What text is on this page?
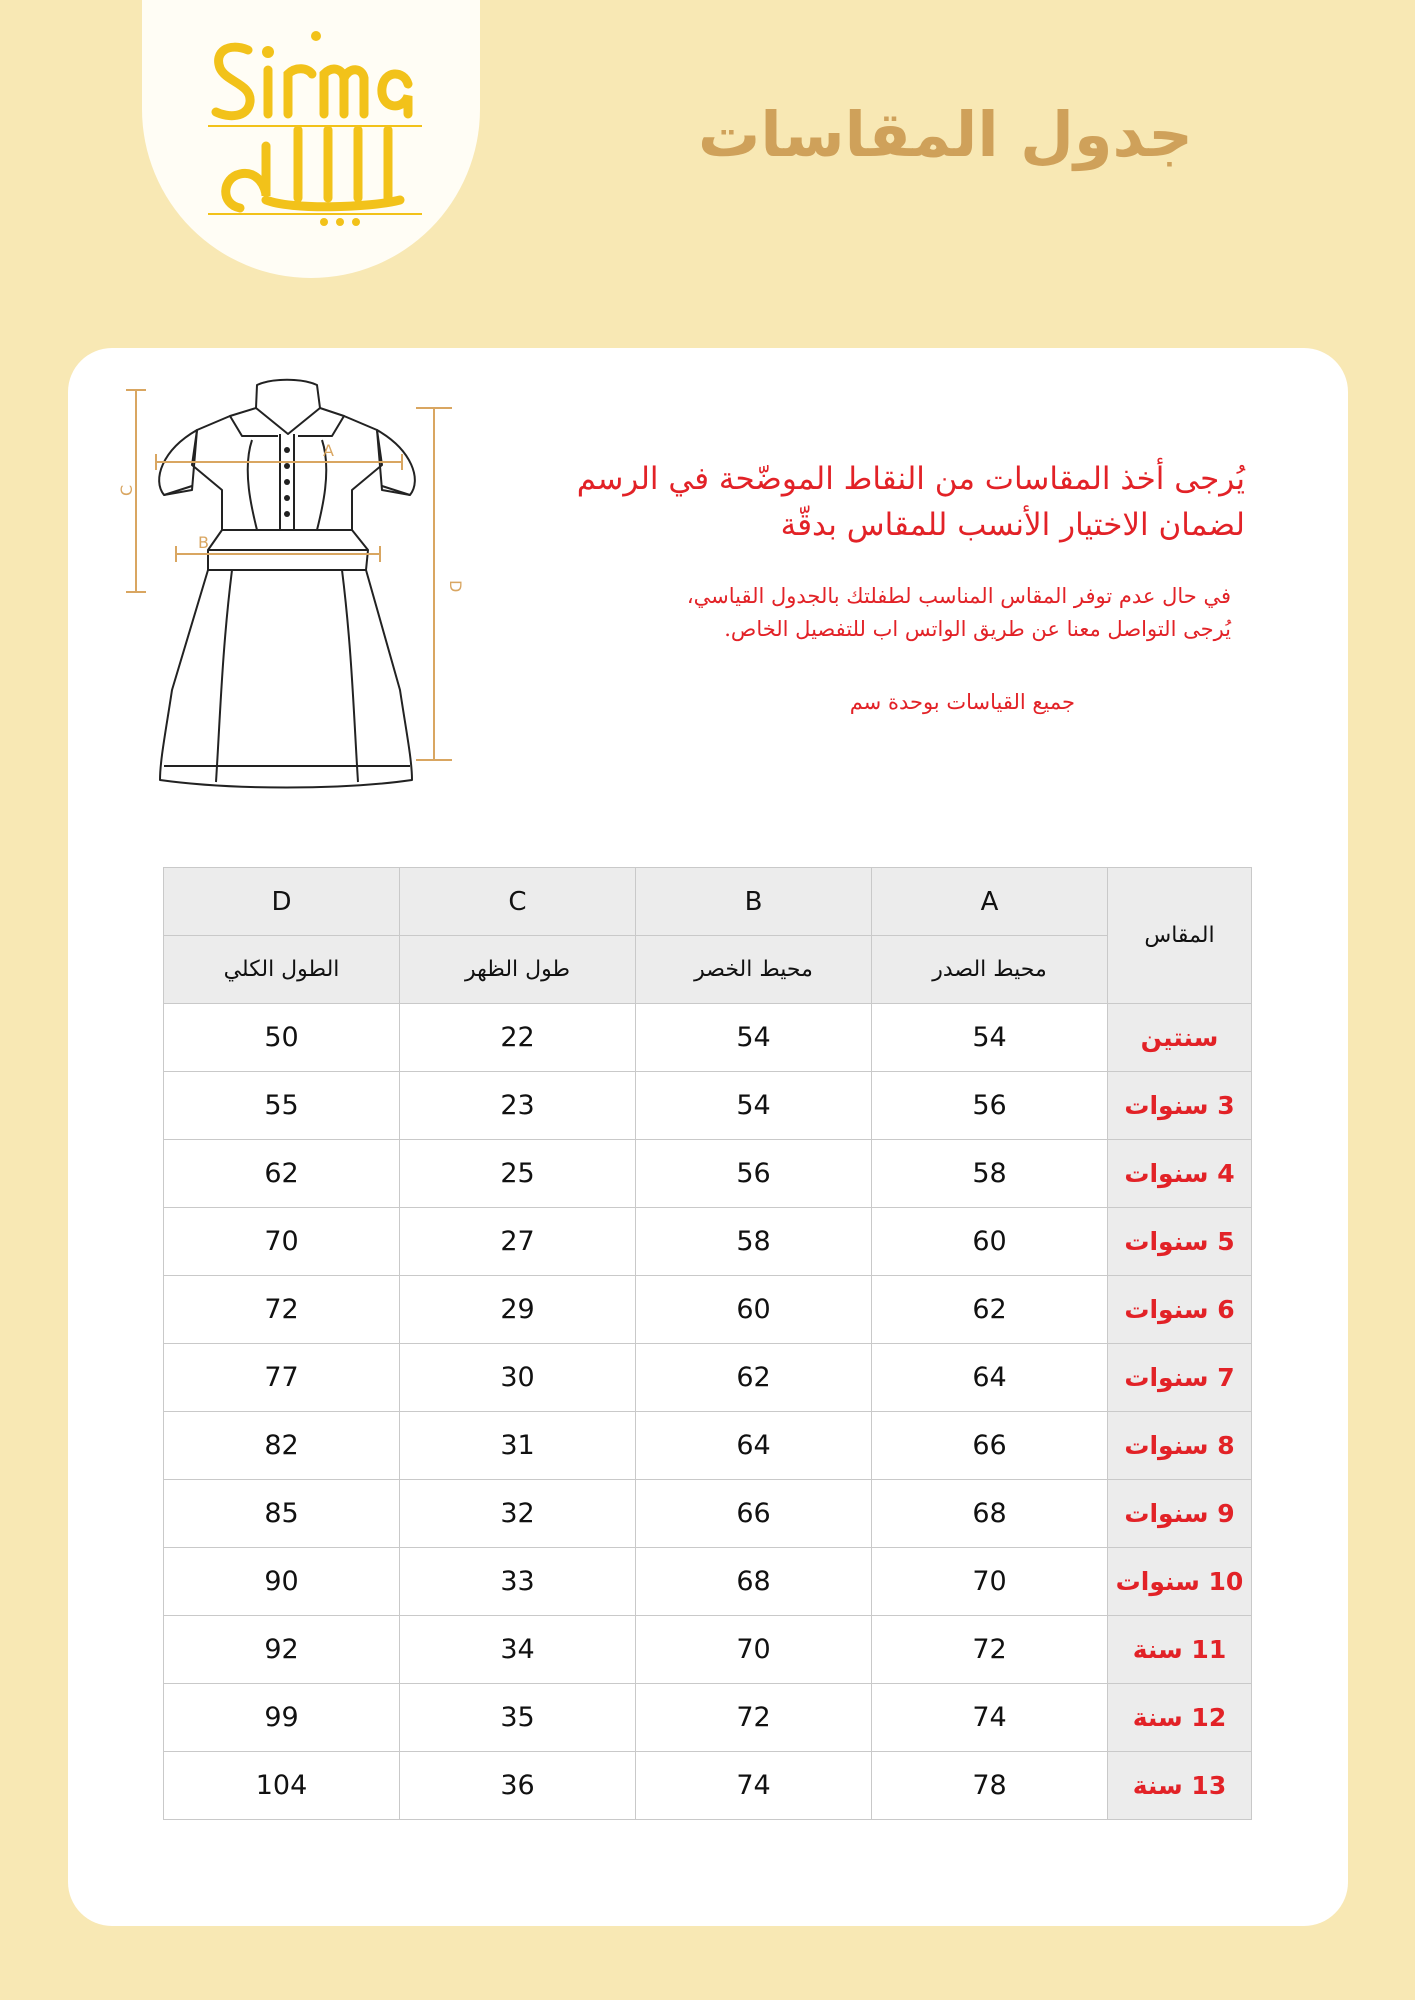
جدول المقاسات
A
B
C
D
يُرجى أخذ المقاسات من النقاط الموضّحة في الرسم
لضمان الاختيار الأنسب للمقاس بدقّة
في حال عدم توفر المقاس المناسب لطفلتك بالجدول القياسي،
يُرجى التواصل معنا عن طريق الواتس اب للتفصيل الخاص.
جميع القياسات بوحدة سم
المقاس	A	B	C	D
	محيط الصدر	محيط الخصر	طول الظهر	الطول الكلي
سنتين	54	54	22	50
3 سنوات	56	54	23	55
4 سنوات	58	56	25	62
5 سنوات	60	58	27	70
6 سنوات	62	60	29	72
7 سنوات	64	62	30	77
8 سنوات	66	64	31	82
9 سنوات	68	66	32	85
10 سنوات	70	68	33	90
11 سنة	72	70	34	92
12 سنة	74	72	35	99
13 سنة	78	74	36	104
